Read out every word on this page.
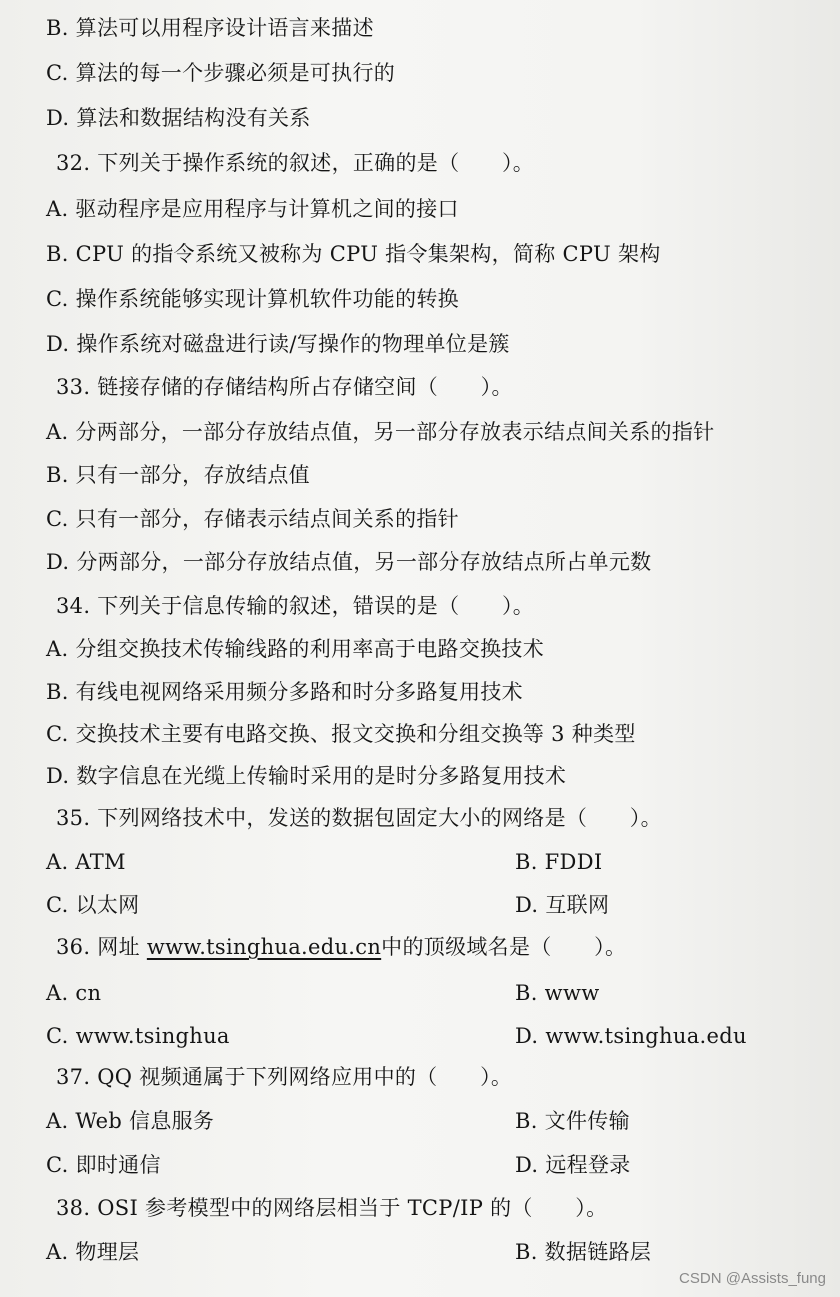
B. 算法可以用程序设计语言来描述
C. 算法的每一个步骤必须是可执行的
D. 算法和数据结构没有关系
32. 下列关于操作系统的叙述，正确的是（　　）。
A. 驱动程序是应用程序与计算机之间的接口
B. CPU 的指令系统又被称为 CPU 指令集架构，简称 CPU 架构
C. 操作系统能够实现计算机软件功能的转换
D. 操作系统对磁盘进行读/写操作的物理单位是簇
33. 链接存储的存储结构所占存储空间（　　）。
A. 分两部分，一部分存放结点值，另一部分存放表示结点间关系的指针
B. 只有一部分，存放结点值
C. 只有一部分，存储表示结点间关系的指针
D. 分两部分，一部分存放结点值，另一部分存放结点所占单元数
34. 下列关于信息传输的叙述，错误的是（　　）。
A. 分组交换技术传输线路的利用率高于电路交换技术
B. 有线电视网络采用频分多路和时分多路复用技术
C. 交换技术主要有电路交换、报文交换和分组交换等 3 种类型
D. 数字信息在光缆上传输时采用的是时分多路复用技术
35. 下列网络技术中，发送的数据包固定大小的网络是（　　）。
A. ATM	B. FDDI
C. 以太网	D. 互联网
36. 网址 www.tsinghua.edu.cn中的顶级域名是（　　）。
A. cn	B. www
C. www.tsinghua	D. www.tsinghua.edu
37. QQ 视频通属于下列网络应用中的（　　）。
A. Web 信息服务	B. 文件传输
C. 即时通信	D. 远程登录
38. OSI 参考模型中的网络层相当于 TCP/IP 的（　　）。
A. 物理层	B. 数据链路层
CSDN @Assists_fung
